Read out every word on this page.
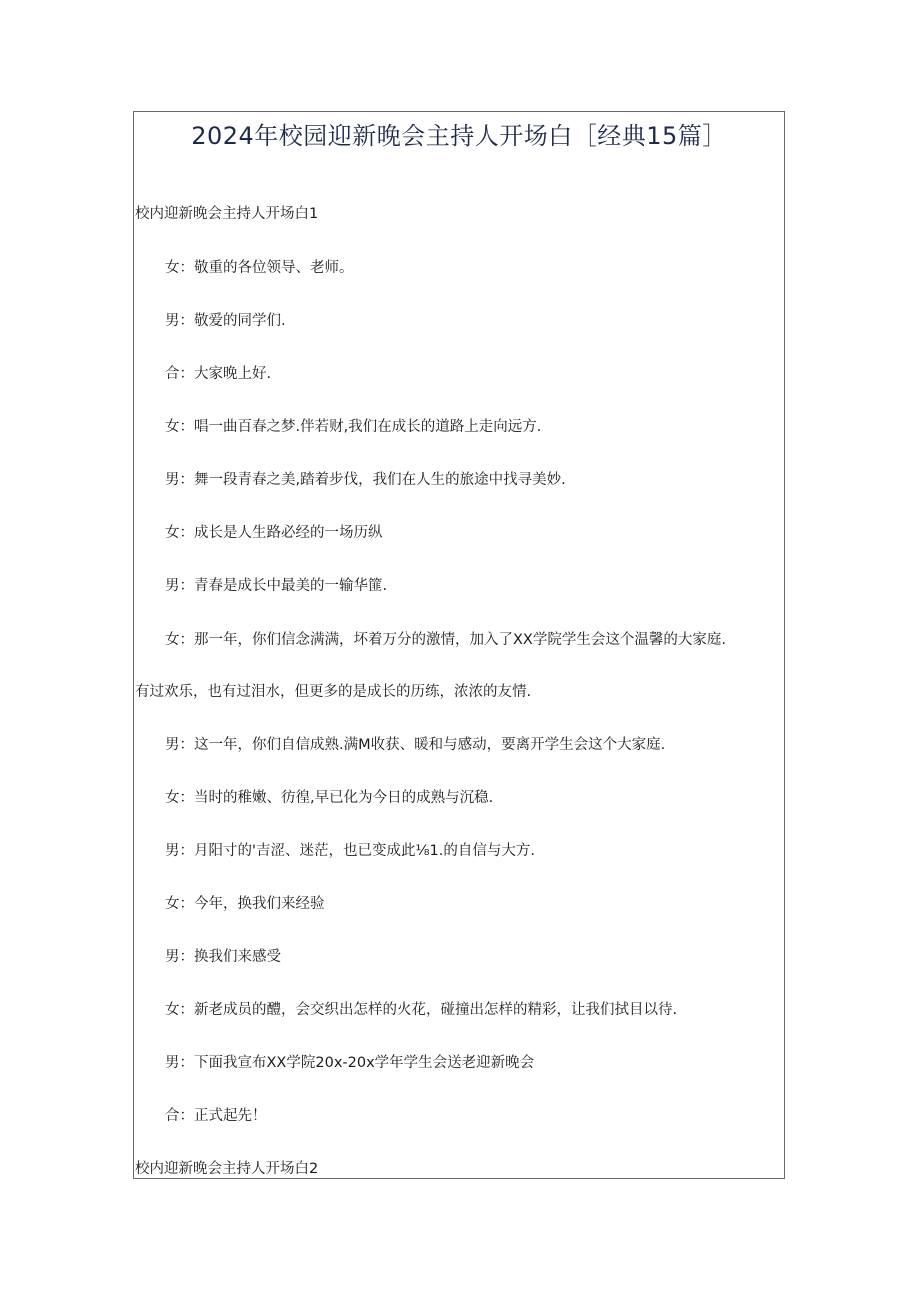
2024年校园迎新晚会主持人开场白［经典15篇］
校内迎新晚会主持人开场白1
女：敬重的各位领导、老师。
男：敬爱的同学们.
合：大家晚上好.
女：唱一曲百春之梦.伴若财,我们在成长的道路上走向远方.
男：舞一段青春之美,踏着步伐，我们在人生的旅途中找寻美妙.
女：成长是人生路必经的一场历纵
男：青春是成长中最美的一输华篚.
女：那一年，你们信念满满，坏着万分的激情，加入了XX学院学生会这个温馨的大家庭.
有过欢乐，也有过泪水，但更多的是成长的历练，浓浓的友情.
男：这一年，你们自信成熟.满M收获、暖和与感动，要离开学生会这个大家庭.
女：当时的稚嫩、彷徨,早已化为今日的成熟与沉稳.
男：月阳寸的'吉涩、迷茫，也已变成此⅛1.的自信与大方.
女：今年，换我们来经验
男：换我们来感受
女：新老成员的醴，会交织出怎样的火花，碰撞出怎样的精彩，让我们拭目以待.
男：下面我宣布XX学院20x-20x学年学生会送老迎新晚会
合：正式起先！
校内迎新晚会主持人开场白2
